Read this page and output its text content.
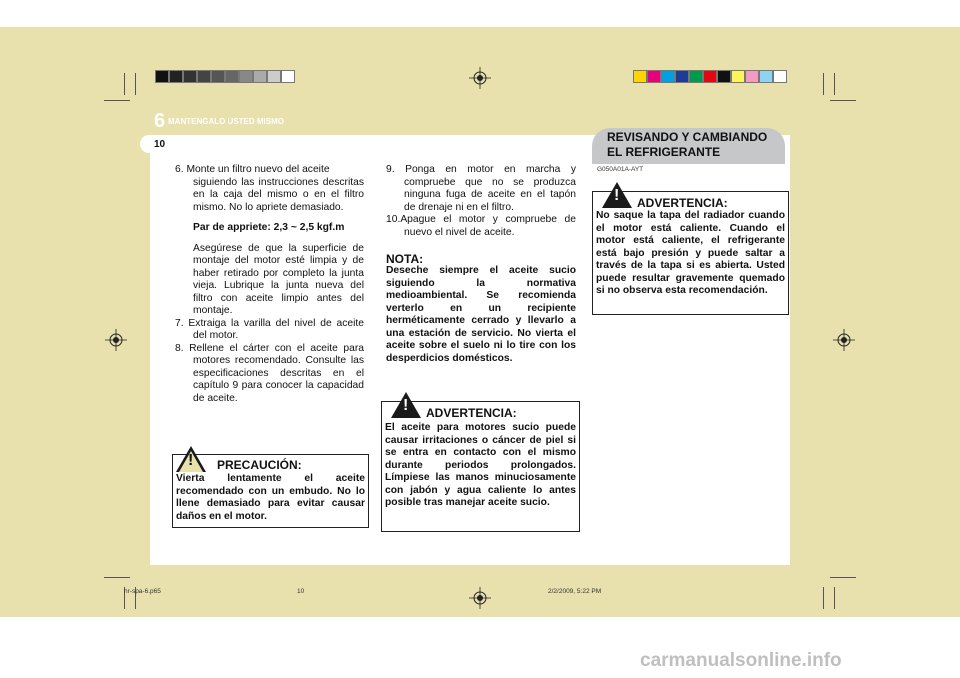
6 MANTENGALO USTED MISMO
10
REVISANDO Y CAMBIANDO
EL REFRIGERANTE
G050A01A-AYT

6. Monte un filtro nuevo del aceite

siguiendo las instrucciones descritas en la caja del mismo o en el filtro mismo. No lo apriete demasiado.

Par de appriete: 2,3 ~ 2,5 kgf.m

Asegúrese de que la superficie de montaje del motor esté limpia y de haber retirado por completo la junta vieja. Lubrique la junta nueva del filtro con aceite limpio antes del montaje.

7. Extraiga la varilla del nivel de aceite del motor.

8. Rellene el cárter con el aceite para motores recomendado. Consulte las especificaciones descritas en el capítulo 9 para conocer la capacidad de aceite.

PRECAUCIÓN:
Vierta lentamente el aceite recomendado con un embudo. No lo llene demasiado para evitar causar daños en el motor.
!

9. Ponga en motor en marcha y compruebe que no se produzca ninguna fuga de aceite en el tapón de drenaje ni en el filtro.

10.Apague el motor y compruebe de nuevo el nivel de aceite.

NOTA:
Deseche siempre el aceite sucio siguiendo la normativa medioambiental. Se recomienda verterlo en un recipiente herméticamente cerrado y llevarlo a una estación de servicio. No vierta el aceite sobre el suelo ni lo tire con los desperdicios domésticos.
ADVERTENCIA:
El aceite para motores sucio puede causar irritaciones o cáncer de piel si se entra en contacto con el mismo durante periodos prolongados. Límpiese las manos minuciosamente con jabón y agua caliente lo antes posible tras manejar aceite sucio.
!
ADVERTENCIA:
No saque la tapa del radiador cuando el motor está caliente. Cuando el motor está caliente, el refrigerante está bajo presión y puede saltar a través de la tapa si es abierta. Usted puede resultar gravemente quemado si no observa esta recomendación.
!
hr-spa-6.p65	10	2/2/2009, 5:22 PM
carmanualsonline.info
